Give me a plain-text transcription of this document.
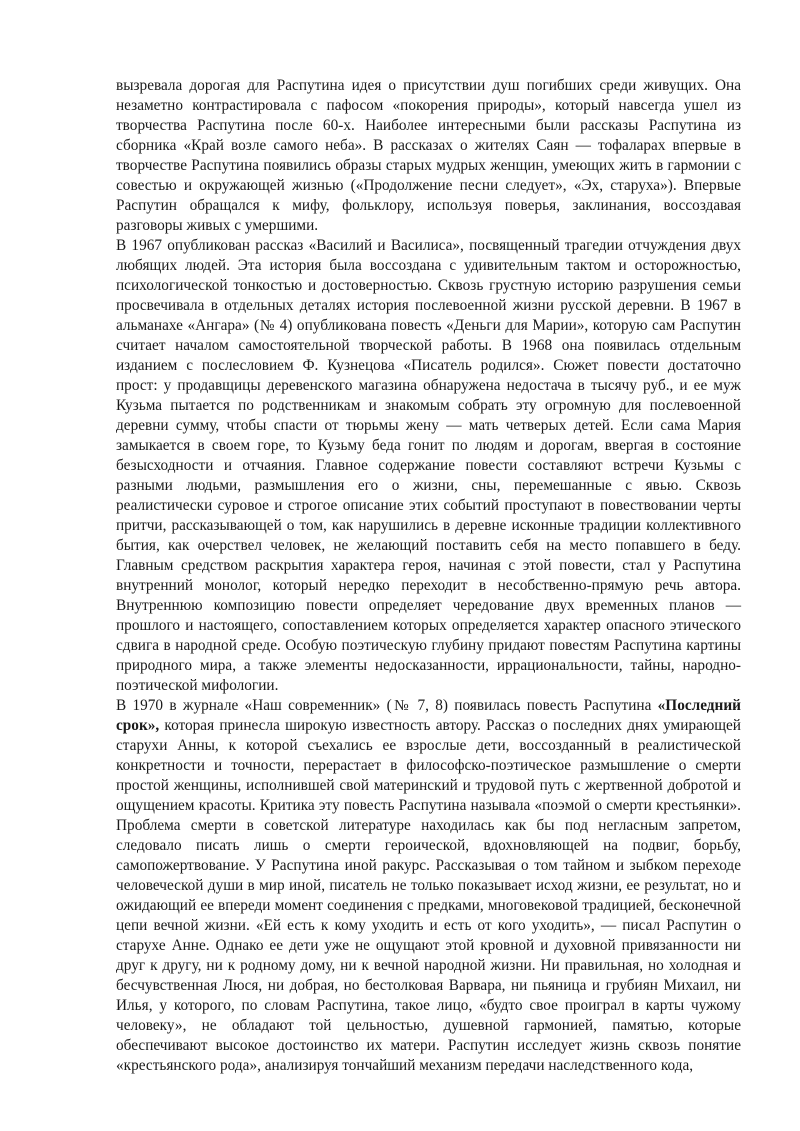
вызревала дорогая для Распутина идея о присутствии душ погибших среди живущих. Она незаметно контрастировала с пафосом «покорения природы», который навсегда ушел из творчества Распутина после 60-х. Наиболее интересными были рассказы Распутина из сборника «Край возле самого неба». В рассказах о жителях Саян — тофаларах впервые в творчестве Распутина появились образы старых мудрых женщин, умеющих жить в гармонии с совестью и окружающей жизнью («Продолжение песни следует», «Эх, старуха»). Впервые Распутин обращался к мифу, фольклору, используя поверья, заклинания, воссоздавая разговоры живых с умершими.

В 1967 опубликован рассказ «Василий и Василиса», посвященный трагедии отчуждения двух любящих людей. Эта история была воссоздана с удивительным тактом и осторожностью, психологической тонкостью и достоверностью. Сквозь грустную историю разрушения семьи просвечивала в отдельных деталях история послевоенной жизни русской деревни. В 1967 в альманахе «Ангара» (№ 4) опубликована повесть «Деньги для Марии», которую сам Распутин считает началом самостоятельной творческой работы. В 1968 она появилась отдельным изданием с послесловием Ф. Кузнецова «Писатель родился». Сюжет повести достаточно прост: у продавщицы деревенского магазина обнаружена недостача в тысячу руб., и ее муж Кузьма пытается по родственникам и знакомым собрать эту огромную для послевоенной деревни сумму, чтобы спасти от тюрьмы жену — мать четверых детей. Если сама Мария замыкается в своем горе, то Кузьму беда гонит по людям и дорогам, ввергая в состояние безысходности и отчаяния. Главное содержание повести составляют встречи Кузьмы с разными людьми, размышления его о жизни, сны, перемешанные с явью. Сквозь реалистически суровое и строгое описание этих событий проступают в повествовании черты притчи, рассказывающей о том, как нарушились в деревне исконные традиции коллективного бытия, как очерствел человек, не желающий поставить себя на место попавшего в беду. Главным средством раскрытия характера героя, начиная с этой повести, стал у Распутина внутренний монолог, который нередко переходит в несобственно-прямую речь автора. Внутреннюю композицию повести определяет чередование двух временных планов — прошлого и настоящего, сопоставлением которых определяется характер опасного этического сдвига в народной среде. Особую поэтическую глубину придают повестям Распутина картины природного мира, а также элементы недосказанности, иррациональности, тайны, народно-поэтической мифологии.

В 1970 в журнале «Наш современник» (№ 7, 8) появилась повесть Распутина «Последний срок», которая принесла широкую известность автору. Рассказ о последних днях умирающей старухи Анны, к которой съехались ее взрослые дети, воссозданный в реалистической конкретности и точности, перерастает в философско-поэтическое размышление о смерти простой женщины, исполнившей свой материнский и трудовой путь с жертвенной добротой и ощущением красоты. Критика эту повесть Распутина называла «поэмой о смерти крестьянки». Проблема смерти в советской литературе находилась как бы под негласным запретом, следовало писать лишь о смерти героической, вдохновляющей на подвиг, борьбу, самопожертвование. У Распутина иной ракурс. Рассказывая о том тайном и зыбком переходе человеческой души в мир иной, писатель не только показывает исход жизни, ее результат, но и ожидающий ее впереди момент соединения с предками, многовековой традицией, бесконечной цепи вечной жизни. «Ей есть к кому уходить и есть от кого уходить», — писал Распутин о старухе Анне. Однако ее дети уже не ощущают этой кровной и духовной привязанности ни друг к другу, ни к родному дому, ни к вечной народной жизни. Ни правильная, но холодная и бесчувственная Люся, ни добрая, но бестолковая Варвара, ни пьяница и грубиян Михаил, ни Илья, у которого, по словам Распутина, такое лицо, «будто свое проиграл в карты чужому человеку», не обладают той цельностью, душевной гармонией, памятью, которые обеспечивают высокое достоинство их матери. Распутин исследует жизнь сквозь понятие «крестьянского рода», анализируя тончайший механизм передачи наследственного кода,
